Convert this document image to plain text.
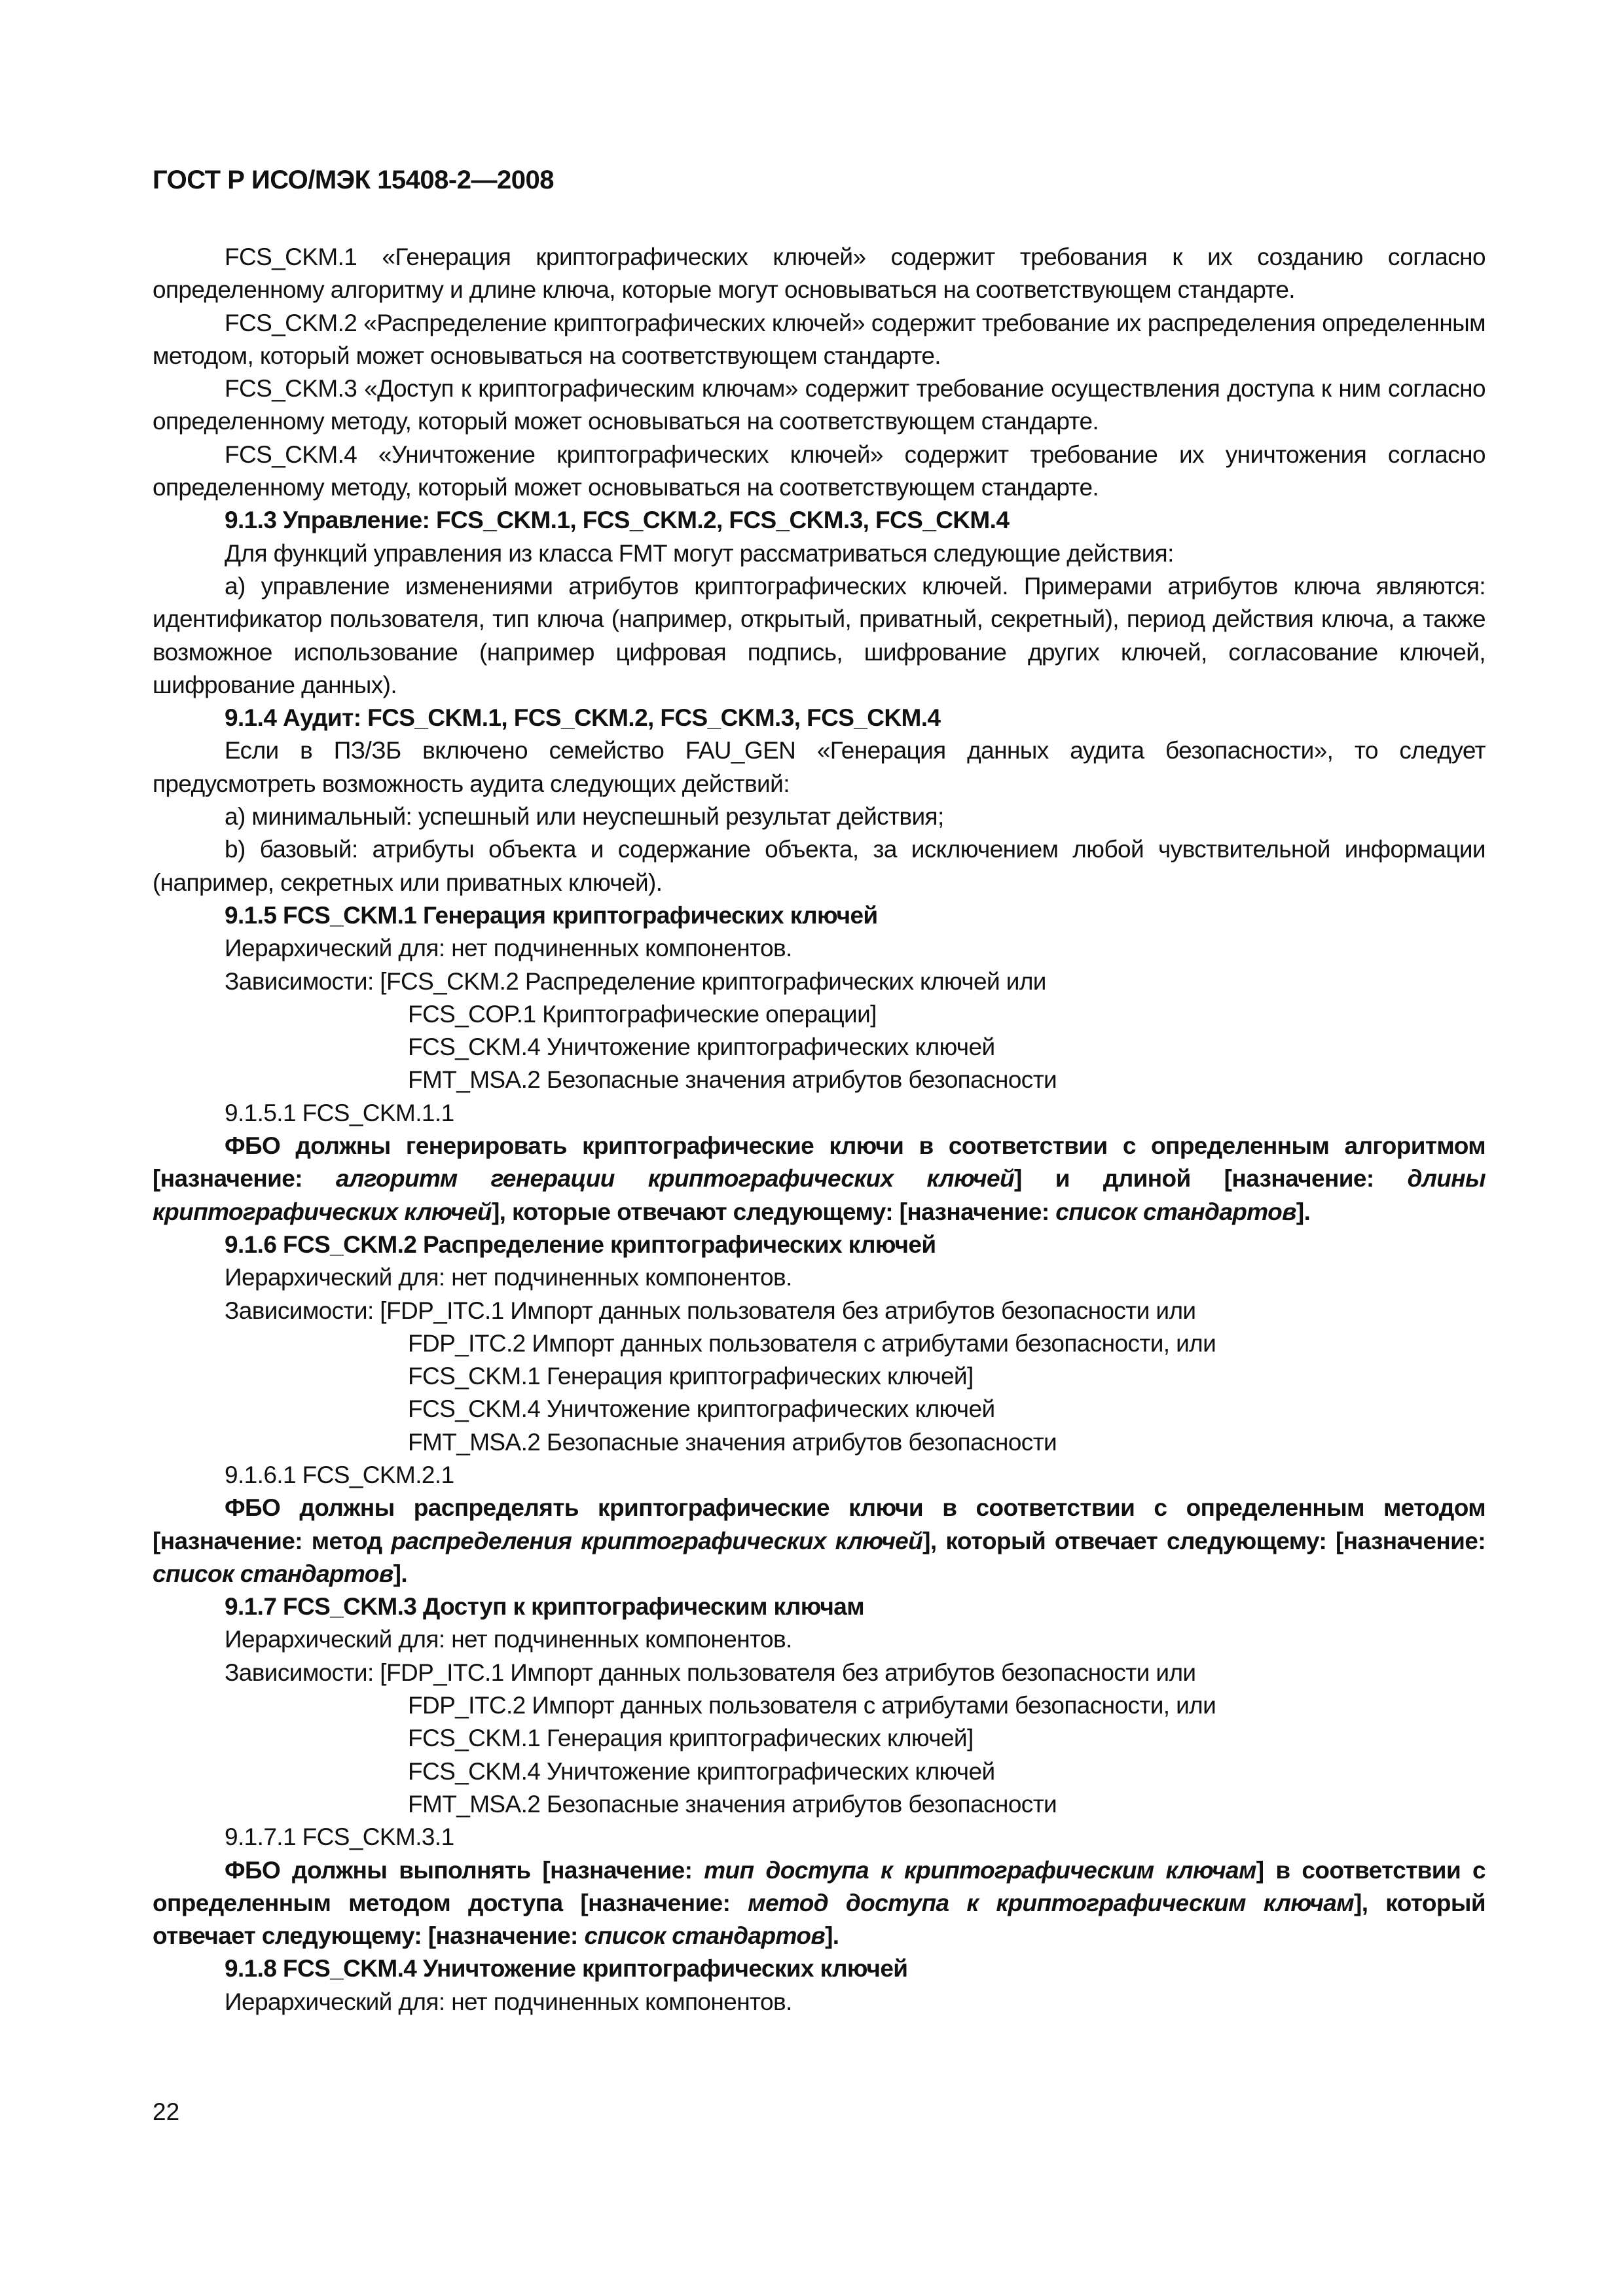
ГОСТ Р ИСО/МЭК 15408-2—2008

FCS_CKM.1 «Генерация криптографических ключей» содержит требования к их созданию согласно определенному алгоритму и длине ключа, которые могут основываться на соответствующем стандарте.

FCS_CKM.2 «Распределение криптографических ключей» содержит требование их распределения определенным методом, который может основываться на соответствующем стандарте.

FCS_CKM.3 «Доступ к криптографическим ключам» содержит требование осуществления доступа к ним согласно определенному методу, который может основываться на соответствующем стандарте.

FCS_CKM.4 «Уничтожение криптографических ключей» содержит требование их уничтожения согласно определенному методу, который может основываться на соответствующем стандарте.

9.1.3 Управление: FCS_CKM.1, FCS_CKM.2, FCS_CKM.3, FCS_CKM.4

Для функций управления из класса FMT могут рассматриваться следующие действия:

a) управление изменениями атрибутов криптографических ключей. Примерами атрибутов ключа являются: идентификатор пользователя, тип ключа (например, открытый, приватный, секретный), период действия ключа, а также возможное использование (например цифровая подпись, шифрование других ключей, согласование ключей, шифрование данных).

9.1.4 Аудит: FCS_CKM.1, FCS_CKM.2, FCS_CKM.3, FCS_CKM.4

Если в ПЗ/ЗБ включено семейство FAU_GEN «Генерация данных аудита безопасности», то следует предусмотреть возможность аудита следующих действий:

a) минимальный: успешный или неуспешный результат действия;

b) базовый: атрибуты объекта и содержание объекта, за исключением любой чувствительной информации (например, секретных или приватных ключей).

9.1.5 FCS_CKM.1 Генерация криптографических ключей

Иерархический для: нет подчиненных компонентов.

Зависимости: [FCS_CKM.2 Распределение криптографических ключей или

FCS_COP.1 Криптографические операции]

FCS_CKM.4 Уничтожение криптографических ключей

FMT_MSA.2 Безопасные значения атрибутов безопасности

9.1.5.1 FCS_CKM.1.1

ФБО должны генерировать криптографические ключи в соответствии с определенным алгоритмом [назначение: алгоритм генерации криптографических ключей] и длиной [назначение: длины криптографических ключей], которые отвечают следующему: [назначение: список стандартов].

9.1.6 FCS_CKM.2 Распределение криптографических ключей

Иерархический для: нет подчиненных компонентов.

Зависимости: [FDP_ITC.1 Импорт данных пользователя без атрибутов безопасности или

FDP_ITC.2 Импорт данных пользователя с атрибутами безопасности, или

FCS_CKM.1 Генерация криптографических ключей]

FCS_CKM.4 Уничтожение криптографических ключей

FMT_MSA.2 Безопасные значения атрибутов безопасности

9.1.6.1 FCS_CKM.2.1

ФБО должны распределять криптографические ключи в соответствии с определенным методом [назначение: метод распределения криптографических ключей], который отвечает следующему: [назначение: список стандартов].

9.1.7 FCS_CKM.3 Доступ к криптографическим ключам

Иерархический для: нет подчиненных компонентов.

Зависимости: [FDP_ITC.1 Импорт данных пользователя без атрибутов безопасности или

FDP_ITC.2 Импорт данных пользователя с атрибутами безопасности, или

FCS_CKM.1 Генерация криптографических ключей]

FCS_CKM.4 Уничтожение криптографических ключей

FMT_MSA.2 Безопасные значения атрибутов безопасности

9.1.7.1 FCS_CKM.3.1

ФБО должны выполнять [назначение: тип доступа к криптографическим ключам] в соответствии с определенным методом доступа [назначение: метод доступа к криптографическим ключам], который отвечает следующему: [назначение: список стандартов].

9.1.8 FCS_CKM.4 Уничтожение криптографических ключей

Иерархический для: нет подчиненных компонентов.

22
